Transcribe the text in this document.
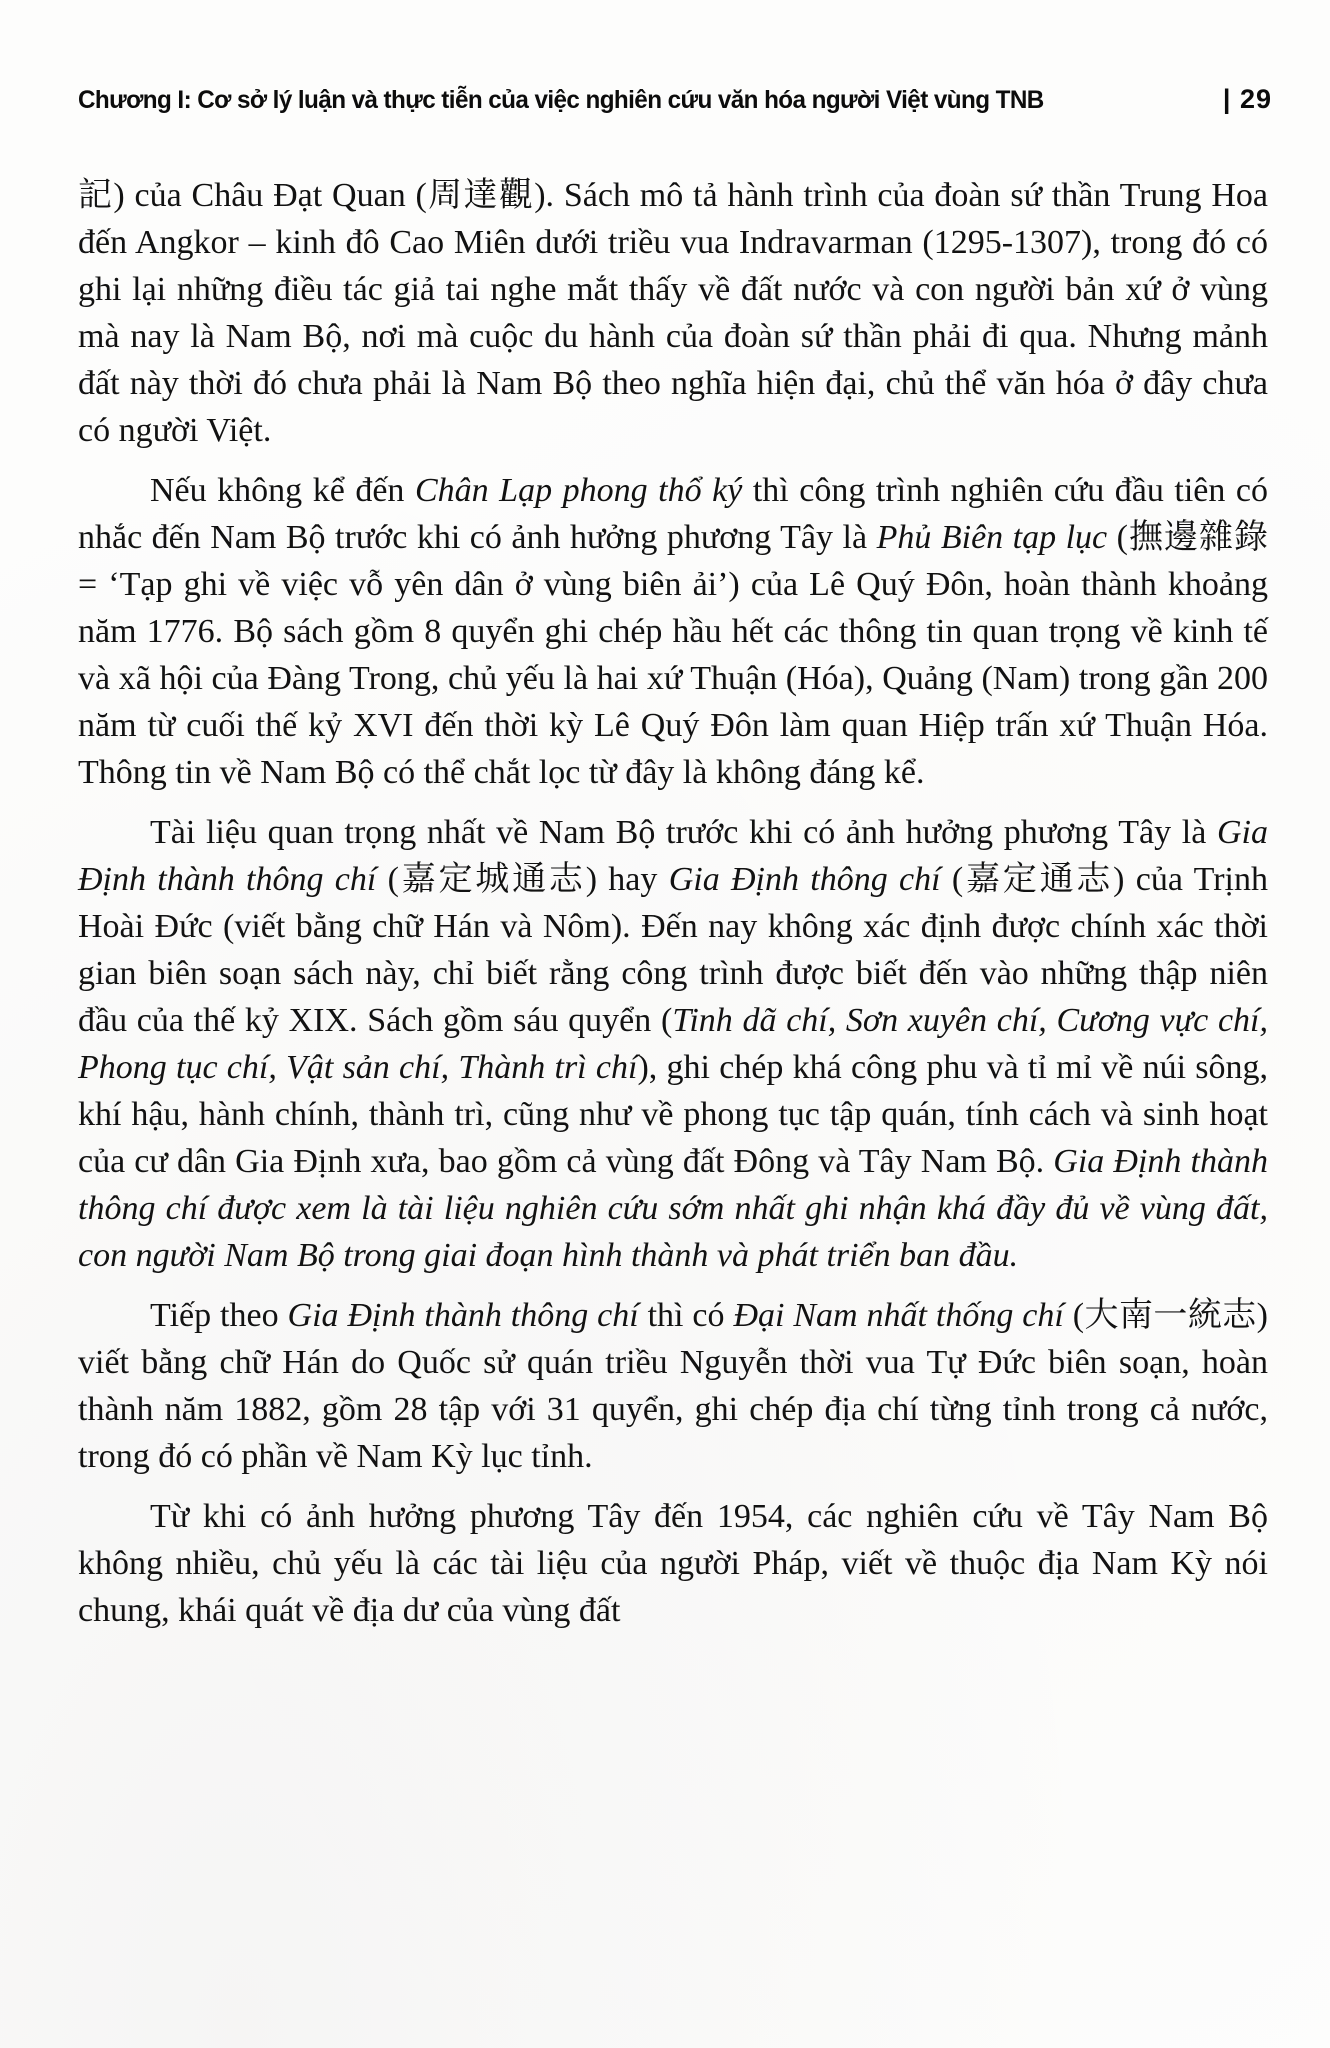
Chương I: Cơ sở lý luận và thực tiễn của việc nghiên cứu văn hóa người Việt vùng TNB	| 29

記) của Châu Đạt Quan (周達觀). Sách mô tả hành trình của đoàn sứ thần Trung Hoa đến Angkor – kinh đô Cao Miên dưới triều vua Indravarman (1295-1307), trong đó có ghi lại những điều tác giả tai nghe mắt thấy về đất nước và con người bản xứ ở vùng mà nay là Nam Bộ, nơi mà cuộc du hành của đoàn sứ thần phải đi qua. Nhưng mảnh đất này thời đó chưa phải là Nam Bộ theo nghĩa hiện đại, chủ thể văn hóa ở đây chưa có người Việt.

Nếu không kể đến Chân Lạp phong thổ ký thì công trình nghiên cứu đầu tiên có nhắc đến Nam Bộ trước khi có ảnh hưởng phương Tây là Phủ Biên tạp lục (撫邊雜錄 = ‘Tạp ghi về việc vỗ yên dân ở vùng biên ải’) của Lê Quý Đôn, hoàn thành khoảng năm 1776. Bộ sách gồm 8 quyển ghi chép hầu hết các thông tin quan trọng về kinh tế và xã hội của Đàng Trong, chủ yếu là hai xứ Thuận (Hóa), Quảng (Nam) trong gần 200 năm từ cuối thế kỷ XVI đến thời kỳ Lê Quý Đôn làm quan Hiệp trấn xứ Thuận Hóa. Thông tin về Nam Bộ có thể chắt lọc từ đây là không đáng kể.

Tài liệu quan trọng nhất về Nam Bộ trước khi có ảnh hưởng phương Tây là Gia Định thành thông chí (嘉定城通志) hay Gia Định thông chí (嘉定通志) của Trịnh Hoài Đức (viết bằng chữ Hán và Nôm). Đến nay không xác định được chính xác thời gian biên soạn sách này, chỉ biết rằng công trình được biết đến vào những thập niên đầu của thế kỷ XIX. Sách gồm sáu quyển (Tinh dã chí, Sơn xuyên chí, Cương vực chí, Phong tục chí, Vật sản chí, Thành trì chí), ghi chép khá công phu và tỉ mỉ về núi sông, khí hậu, hành chính, thành trì, cũng như về phong tục tập quán, tính cách và sinh hoạt của cư dân Gia Định xưa, bao gồm cả vùng đất Đông và Tây Nam Bộ. Gia Định thành thông chí được xem là tài liệu nghiên cứu sớm nhất ghi nhận khá đầy đủ về vùng đất, con người Nam Bộ trong giai đoạn hình thành và phát triển ban đầu.

Tiếp theo Gia Định thành thông chí thì có Đại Nam nhất thống chí (大南一統志) viết bằng chữ Hán do Quốc sử quán triều Nguyễn thời vua Tự Đức biên soạn, hoàn thành năm 1882, gồm 28 tập với 31 quyển, ghi chép địa chí từng tỉnh trong cả nước, trong đó có phần về Nam Kỳ lục tỉnh.

Từ khi có ảnh hưởng phương Tây đến 1954, các nghiên cứu về Tây Nam Bộ không nhiều, chủ yếu là các tài liệu của người Pháp, viết về thuộc địa Nam Kỳ nói chung, khái quát về địa dư của vùng đất
